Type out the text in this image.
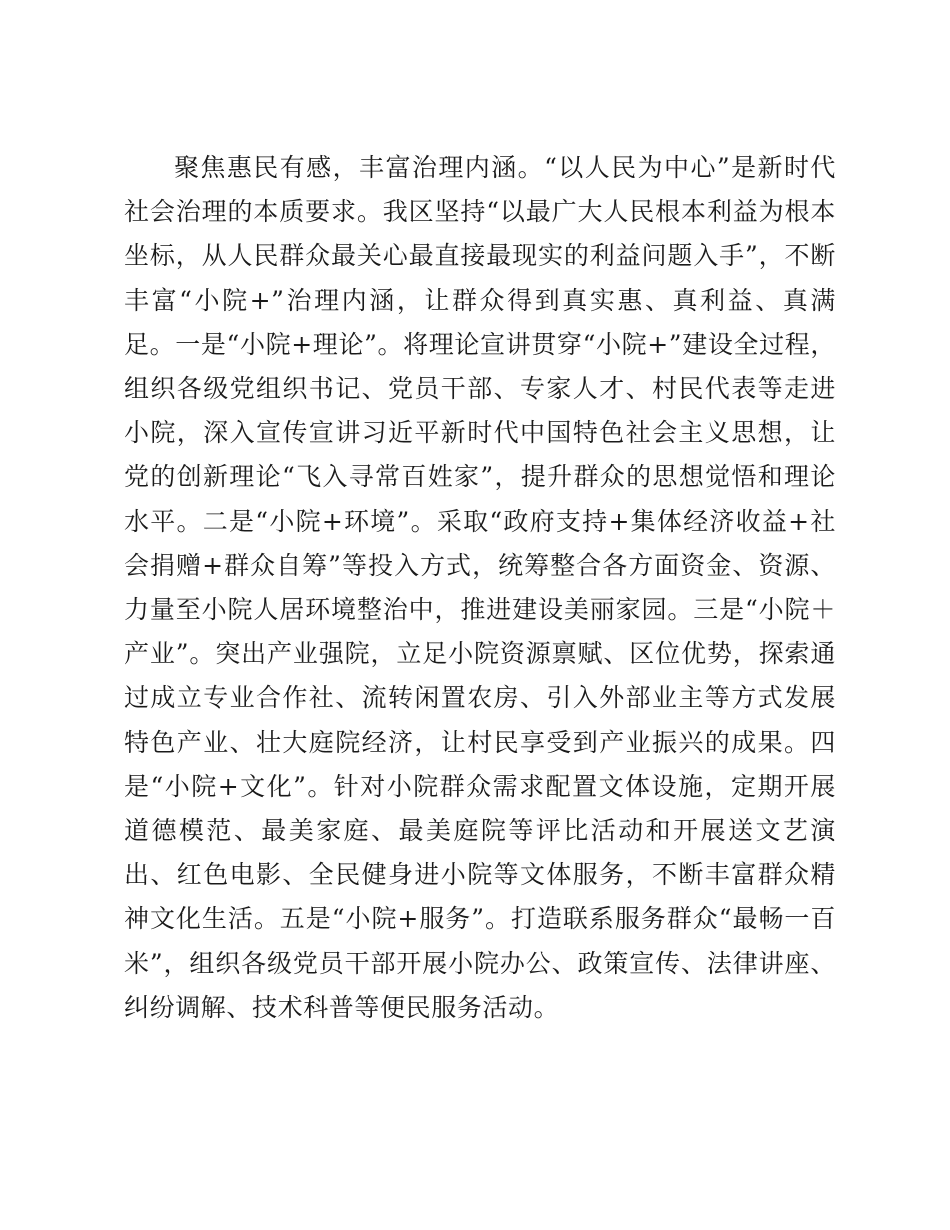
聚焦惠民有感，丰富治理内涵。“以人民为中心”是新时代社会治理的本质要求。我区坚持“以最广大人民根本利益为根本坐标，从人民群众最关心最直接最现实的利益问题入手”，不断丰富“小院+”治理内涵，让群众得到真实惠、真利益、真满足。一是“小院+理论”。将理论宣讲贯穿“小院+”建设全过程，组织各级党组织书记、党员干部、专家人才、村民代表等走进小院，深入宣传宣讲习近平新时代中国特色社会主义思想，让党的创新理论“飞入寻常百姓家”，提升群众的思想觉悟和理论水平。二是“小院+环境”。采取“政府支持+集体经济收益+社会捐赠+群众自筹”等投入方式，统筹整合各方面资金、资源、力量至小院人居环境整治中，推进建设美丽家园。三是“小院＋产业”。突出产业强院，立足小院资源禀赋、区位优势，探索通过成立专业合作社、流转闲置农房、引入外部业主等方式发展特色产业、壮大庭院经济，让村民享受到产业振兴的成果。四是“小院+文化”。针对小院群众需求配置文体设施，定期开展道德模范、最美家庭、最美庭院等评比活动和开展送文艺演出、红色电影、全民健身进小院等文体服务，不断丰富群众精神文化生活。五是“小院+服务”。打造联系服务群众“最畅一百米”，组织各级党员干部开展小院办公、政策宣传、法律讲座、纠纷调解、技术科普等便民服务活动。
